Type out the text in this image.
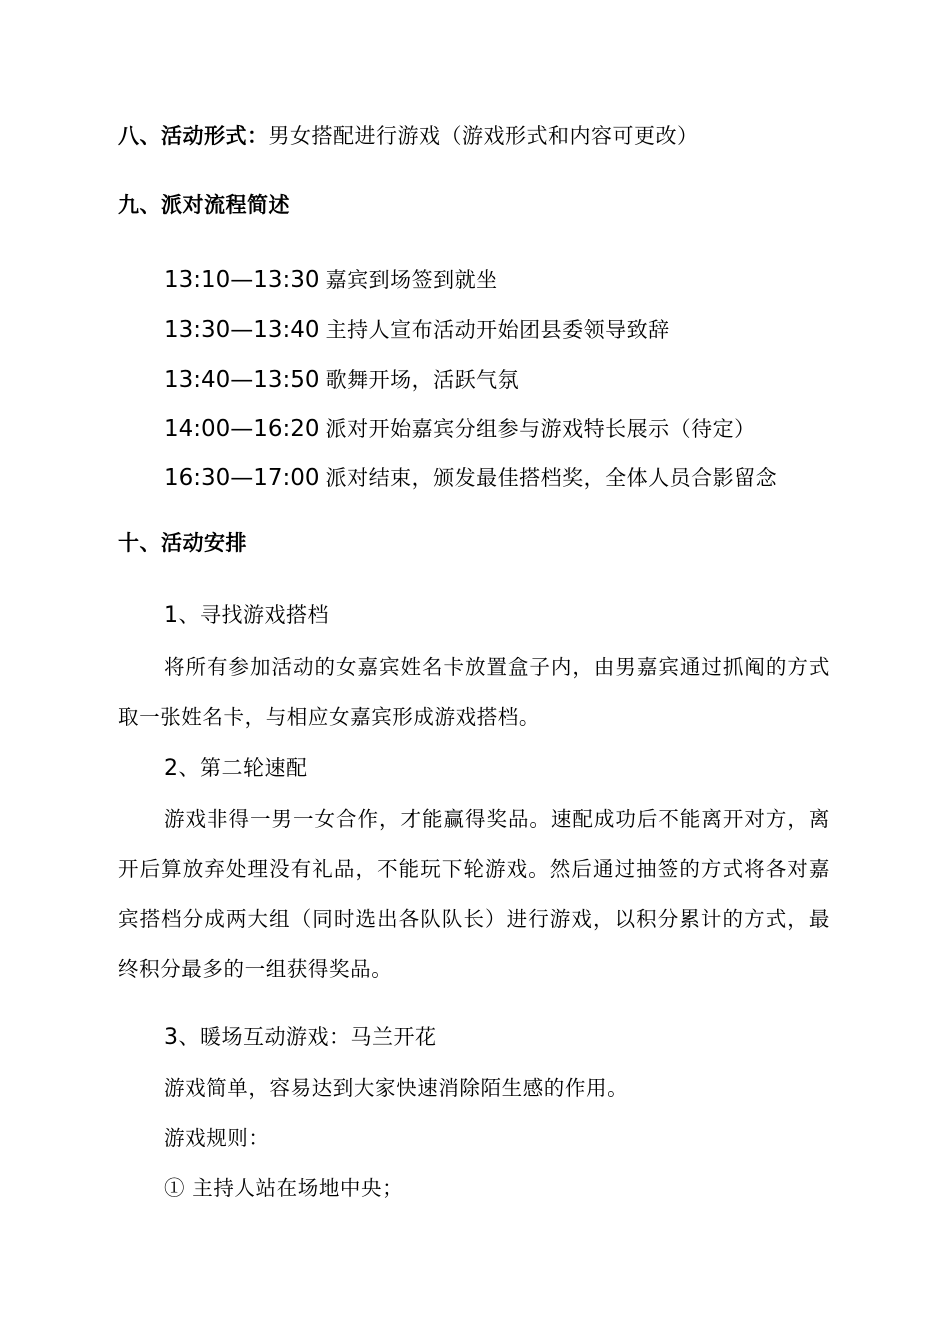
八、活动形式：男女搭配进行游戏（游戏形式和内容可更改）
九、派对流程简述
13:10—13:30 嘉宾到场签到就坐
13:30—13:40 主持人宣布活动开始团县委领导致辞
13:40—13:50 歌舞开场，活跃气氛
14:00—16:20 派对开始嘉宾分组参与游戏特长展示（待定）
16:30—17:00 派对结束，颁发最佳搭档奖，全体人员合影留念
十、活动安排
1、寻找游戏搭档
将所有参加活动的女嘉宾姓名卡放置盒子内，由男嘉宾通过抓阄的方式
取一张姓名卡，与相应女嘉宾形成游戏搭档。
2、第二轮速配
游戏非得一男一女合作，才能赢得奖品。速配成功后不能离开对方，离
开后算放弃处理没有礼品，不能玩下轮游戏。然后通过抽签的方式将各对嘉
宾搭档分成两大组（同时选出各队队长）进行游戏，以积分累计的方式，最
终积分最多的一组获得奖品。
3、暖场互动游戏：马兰开花
游戏简单，容易达到大家快速消除陌生感的作用。
游戏规则：
① 主持人站在场地中央；
